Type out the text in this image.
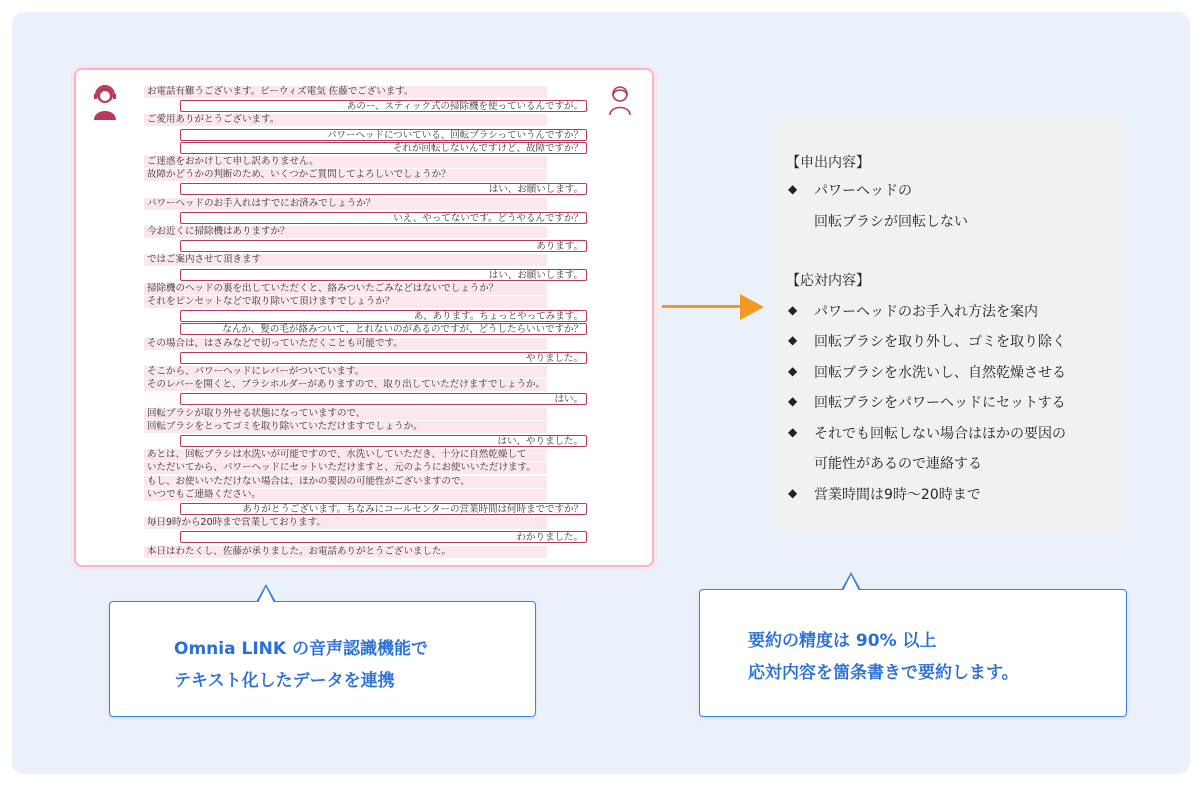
お電話有難うございます。ビーウィズ電気 佐藤でございます。
あのー、スティック式の掃除機を使っているんですが。
ご愛用ありがとうございます。
パワーヘッドについている、回転ブラシっていうんですか？
それが回転しないんですけど、故障ですか？
ご迷惑をおかけして申し訳ありません。
故障かどうかの判断のため、いくつかご質問してよろしいでしょうか？
はい、お願いします。
パワーヘッドのお手入れはすでにお済みでしょうか？
いえ、やってないです。どうやるんですか？
今お近くに掃除機はありますか？
あります。
ではご案内させて頂きます
はい、お願いします。
掃除機のヘッドの裏を出していただくと、絡みついたごみなどはないでしょうか？
それをピンセットなどで取り除いて頂けますでしょうか？
あ、あります。ちょっとやってみます。
なんか、髪の毛が絡みついて、とれないのがあるのですが、どうしたらいいですか？
その場合は、はさみなどで切っていただくことも可能です。
やりました。
そこから、パワーヘッドにレバーがついています。
そのレバーを開くと、ブラシホルダーがありますので、取り出していただけますでしょうか。
はい。
回転ブラシが取り外せる状態になっていますので、
回転ブラシをとってゴミを取り除いていただけますでしょうか。
はい、やりました。
あとは、回転ブラシは水洗いが可能ですので、水洗いしていただき、十分に自然乾燥して
いただいてから、パワーヘッドにセットいただけますと、元のようにお使いいただけます。
もし、お使いいただけない場合は、ほかの要因の可能性がございますので、
いつでもご連絡ください。
ありがとうございます。ちなみにコールセンターの営業時間は何時までですか？
毎日9時から20時まで営業しております。
わかりました。
本日はわたくし、佐藤が承りました。お電話ありがとうございました。
【申出内容】
◆ パワーヘッドの
回転ブラシが回転しない
【応対内容】
◆ パワーヘッドのお手入れ方法を案内
◆ 回転ブラシを取り外し、ゴミを取り除く
◆ 回転ブラシを水洗いし、自然乾燥させる
◆ 回転ブラシをパワーヘッドにセットする
◆ それでも回転しない場合はほかの要因の
可能性があるので連絡する
◆ 営業時間は9時～20時まで
Omnia LINK の音声認識機能で
テキスト化したデータを連携
要約の精度は 90% 以上
応対内容を箇条書きで要約します。
